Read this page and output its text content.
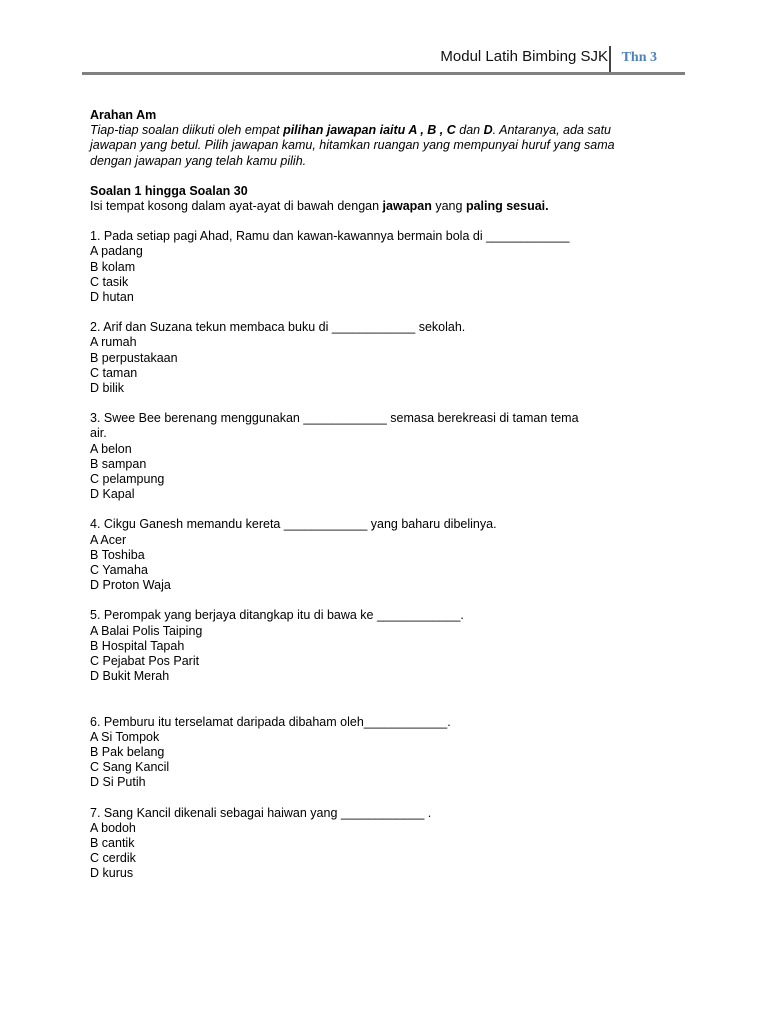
Modul Latih Bimbing SJK Thn 3

Arahan Am

Tiap-tiap soalan diikuti oleh empat pilihan jawapan iaitu A , B , C dan D. Antaranya, ada satu jawapan yang betul. Pilih jawapan kamu, hitamkan ruangan yang mempunyai huruf yang sama dengan jawapan yang telah kamu pilih.

Soalan 1 hingga Soalan 30

Isi tempat kosong dalam ayat-ayat di bawah dengan jawapan yang paling sesuai.

1. Pada setiap pagi Ahad, Ramu dan kawan-kawannya bermain bola di ____________

A padang

B kolam

C tasik

D hutan

2. Arif dan Suzana tekun membaca buku di ____________ sekolah.

A rumah

B perpustakaan

C taman

D bilik

3. Swee Bee berenang menggunakan ____________ semasa berekreasi di taman tema air.

A belon

B sampan

C pelampung

D Kapal

4. Cikgu Ganesh memandu kereta ____________ yang baharu dibelinya.

A Acer

B Toshiba

C Yamaha

D Proton Waja

5. Perompak yang berjaya ditangkap itu di bawa ke ____________.

A Balai Polis Taiping

B Hospital Tapah

C Pejabat Pos Parit

D Bukit Merah

6. Pemburu itu terselamat daripada dibaham oleh____________.

A Si Tompok

B Pak belang

C Sang Kancil

D Si Putih

7. Sang Kancil dikenali sebagai haiwan yang ____________ .

A bodoh

B cantik

C cerdik

D kurus
